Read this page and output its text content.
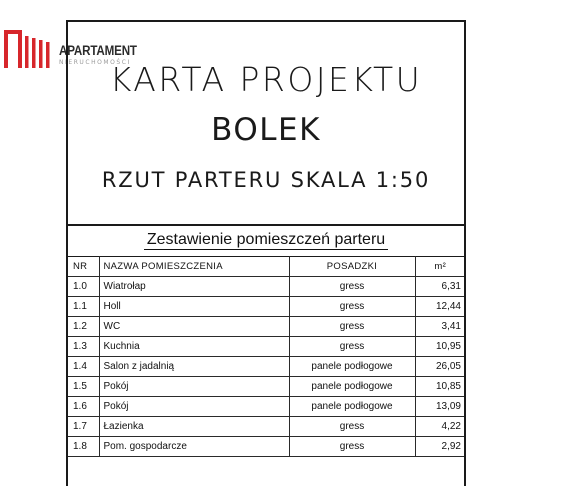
APARTAMENT
NIERUCHOMOŚCI
KARTA PROJEKTU
BOLEK
RZUT PARTERU SKALA 1:50
Zestawienie pomieszczeń parteru
NR	NAZWA POMIESZCZENIA	POSADZKI	m²
1.0	Wiatrołap	gress	6,31
1.1	Holl	gress	12,44
1.2	WC	gress	3,41
1.3	Kuchnia	gress	10,95
1.4	Salon z jadalnią	panele podłogowe	26,05
1.5	Pokój	panele podłogowe	10,85
1.6	Pokój	panele podłogowe	13,09
1.7	Łazienka	gress	4,22
1.8	Pom. gospodarcze	gress	2,92
